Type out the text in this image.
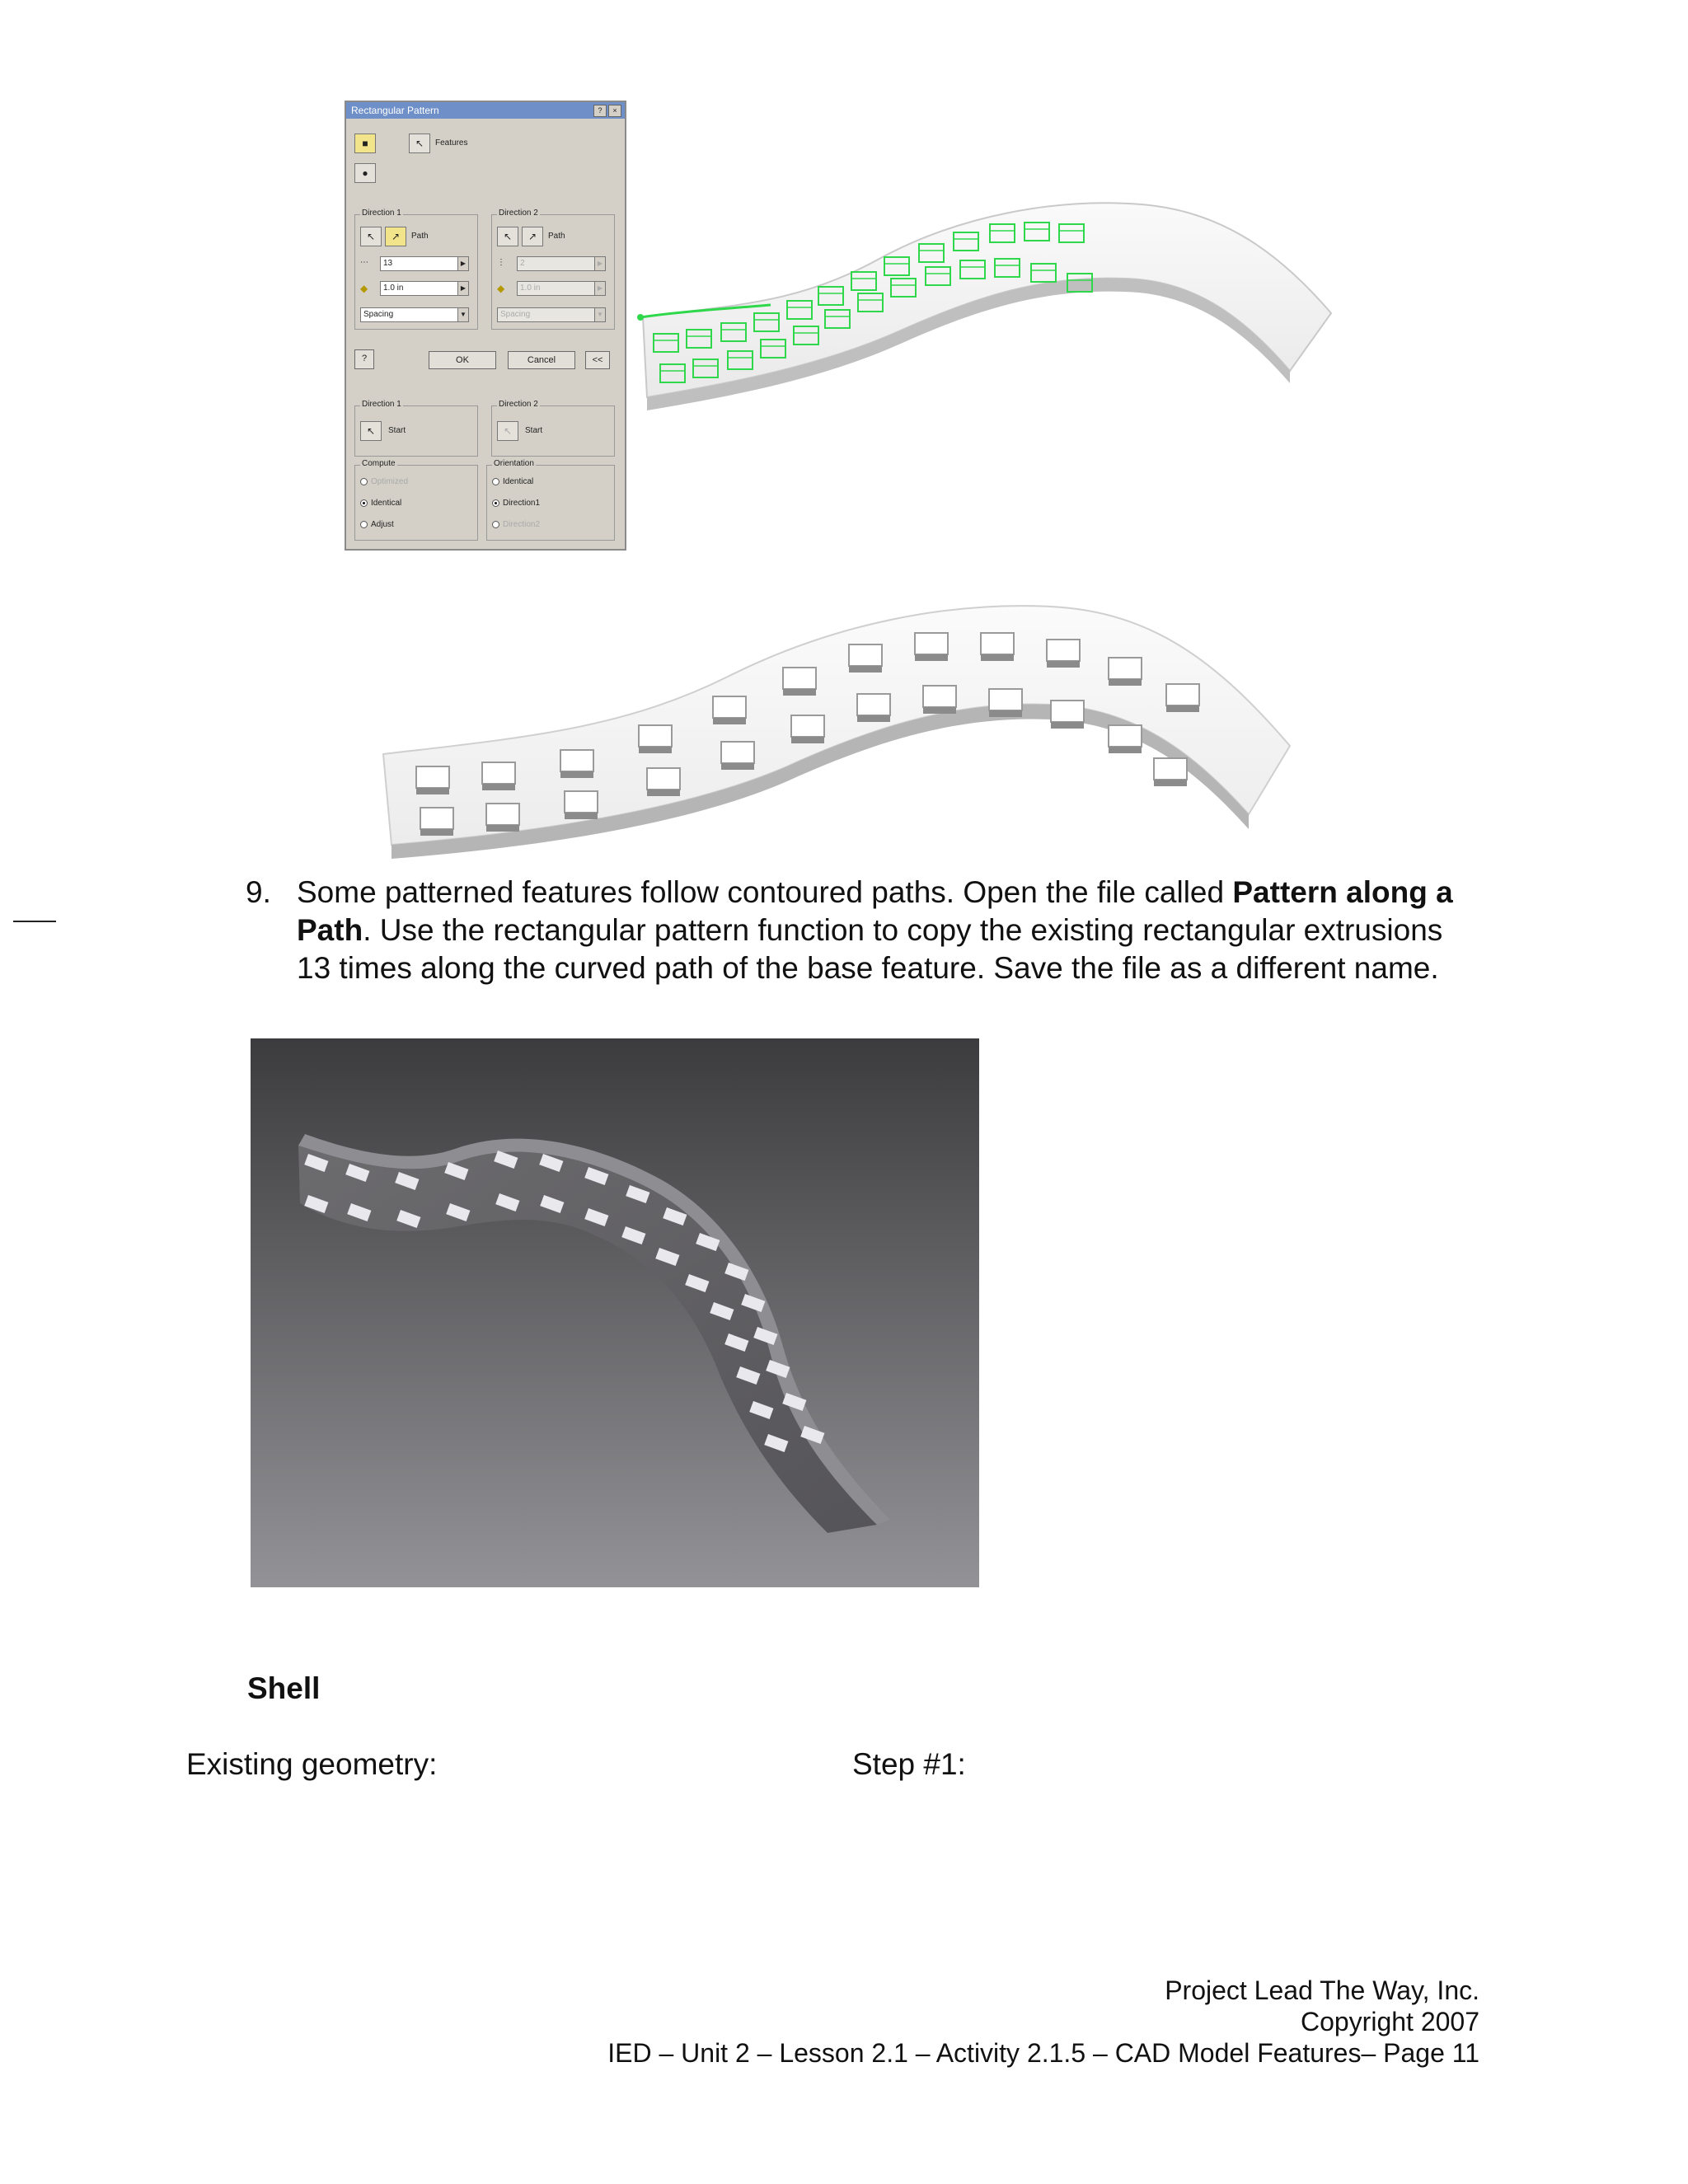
Rectangular Pattern	?	×
■
●
↖	Features
Direction 1
↖	↗	Path
⋯	13	▶
◆	1.0 in	▶
Spacing	▼
Direction 2
↖	↗	Path
⋮	2	▶
◆	1.0 in	▶
Spacing	▼
?	OK	Cancel	<<
Direction 1
↖	Start
Direction 2
↖	Start
Compute
Optimized
Identical
Adjust
Orientation
Identical
Direction1
Direction2
9. Some patterned features follow contoured paths. Open the file called Pattern along a Path. Use the rectangular pattern function to copy the existing rectangular extrusions 13 times along the curved path of the base feature. Save the file as a different name.
Shell
Existing geometry:	Step #1:
Project Lead The Way, Inc.
Copyright 2007
IED – Unit 2 – Lesson 2.1 – Activity 2.1.5 – CAD Model Features– Page 11
